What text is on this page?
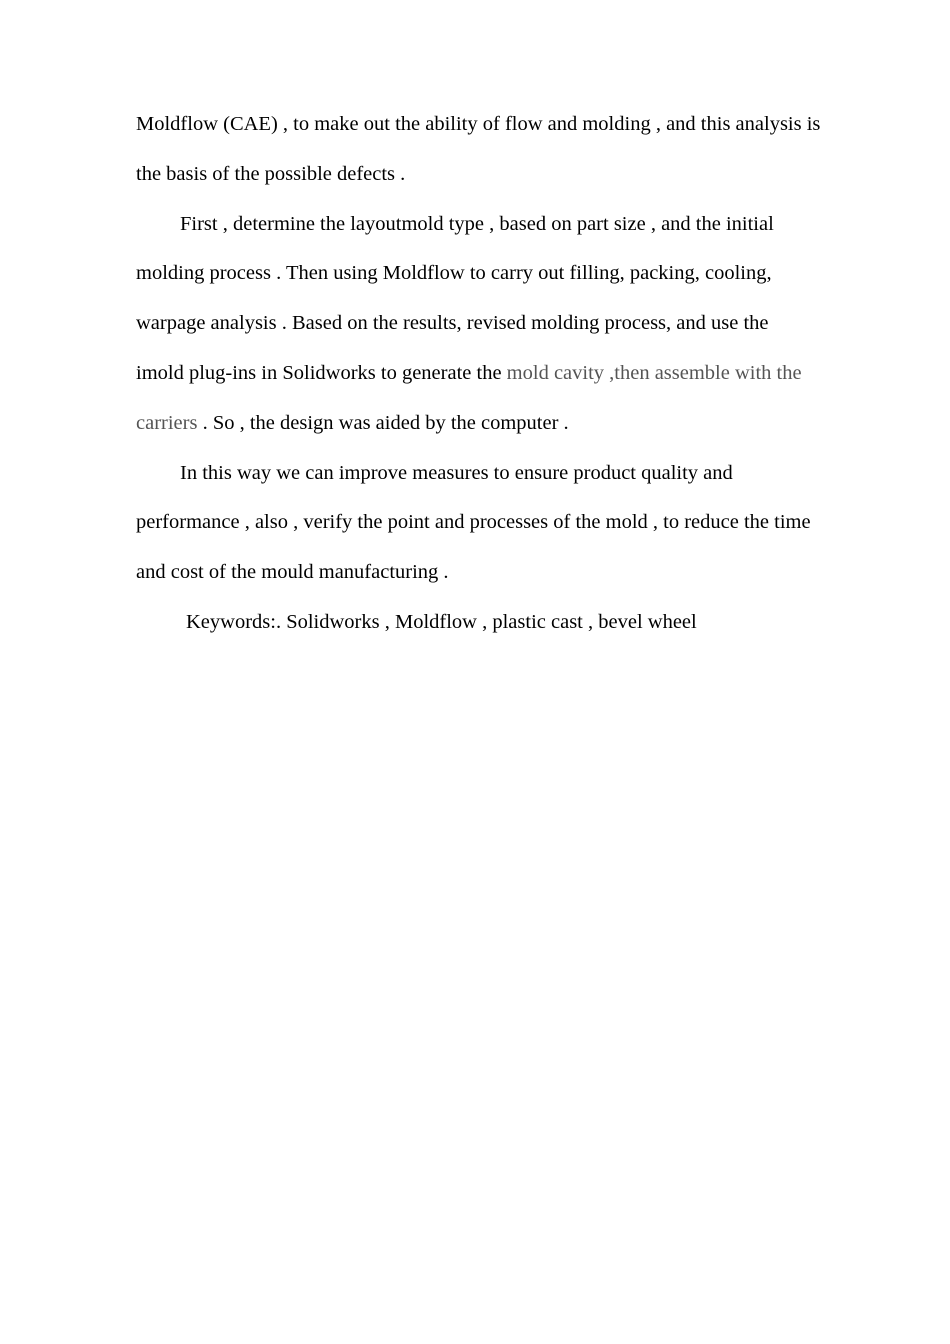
Moldflow (CAE) , to make out the ability of flow and molding , and this analysis is
the basis of the possible defects .

First , determine the layoutmold type , based on part size , and the initial
molding process . Then using Moldflow to carry out filling, packing, cooling,
warpage analysis . Based on the results, revised molding process, and use the
imold plug-ins in Solidworks to generate the mold cavity ,then assemble with the
carriers . So , the design was aided by the computer .

In this way we can improve measures to ensure product quality and
performance , also , verify the point and processes of the mold , to reduce the time
and cost of the mould manufacturing .

Keywords:. Solidworks , Moldflow , plastic cast , bevel wheel
